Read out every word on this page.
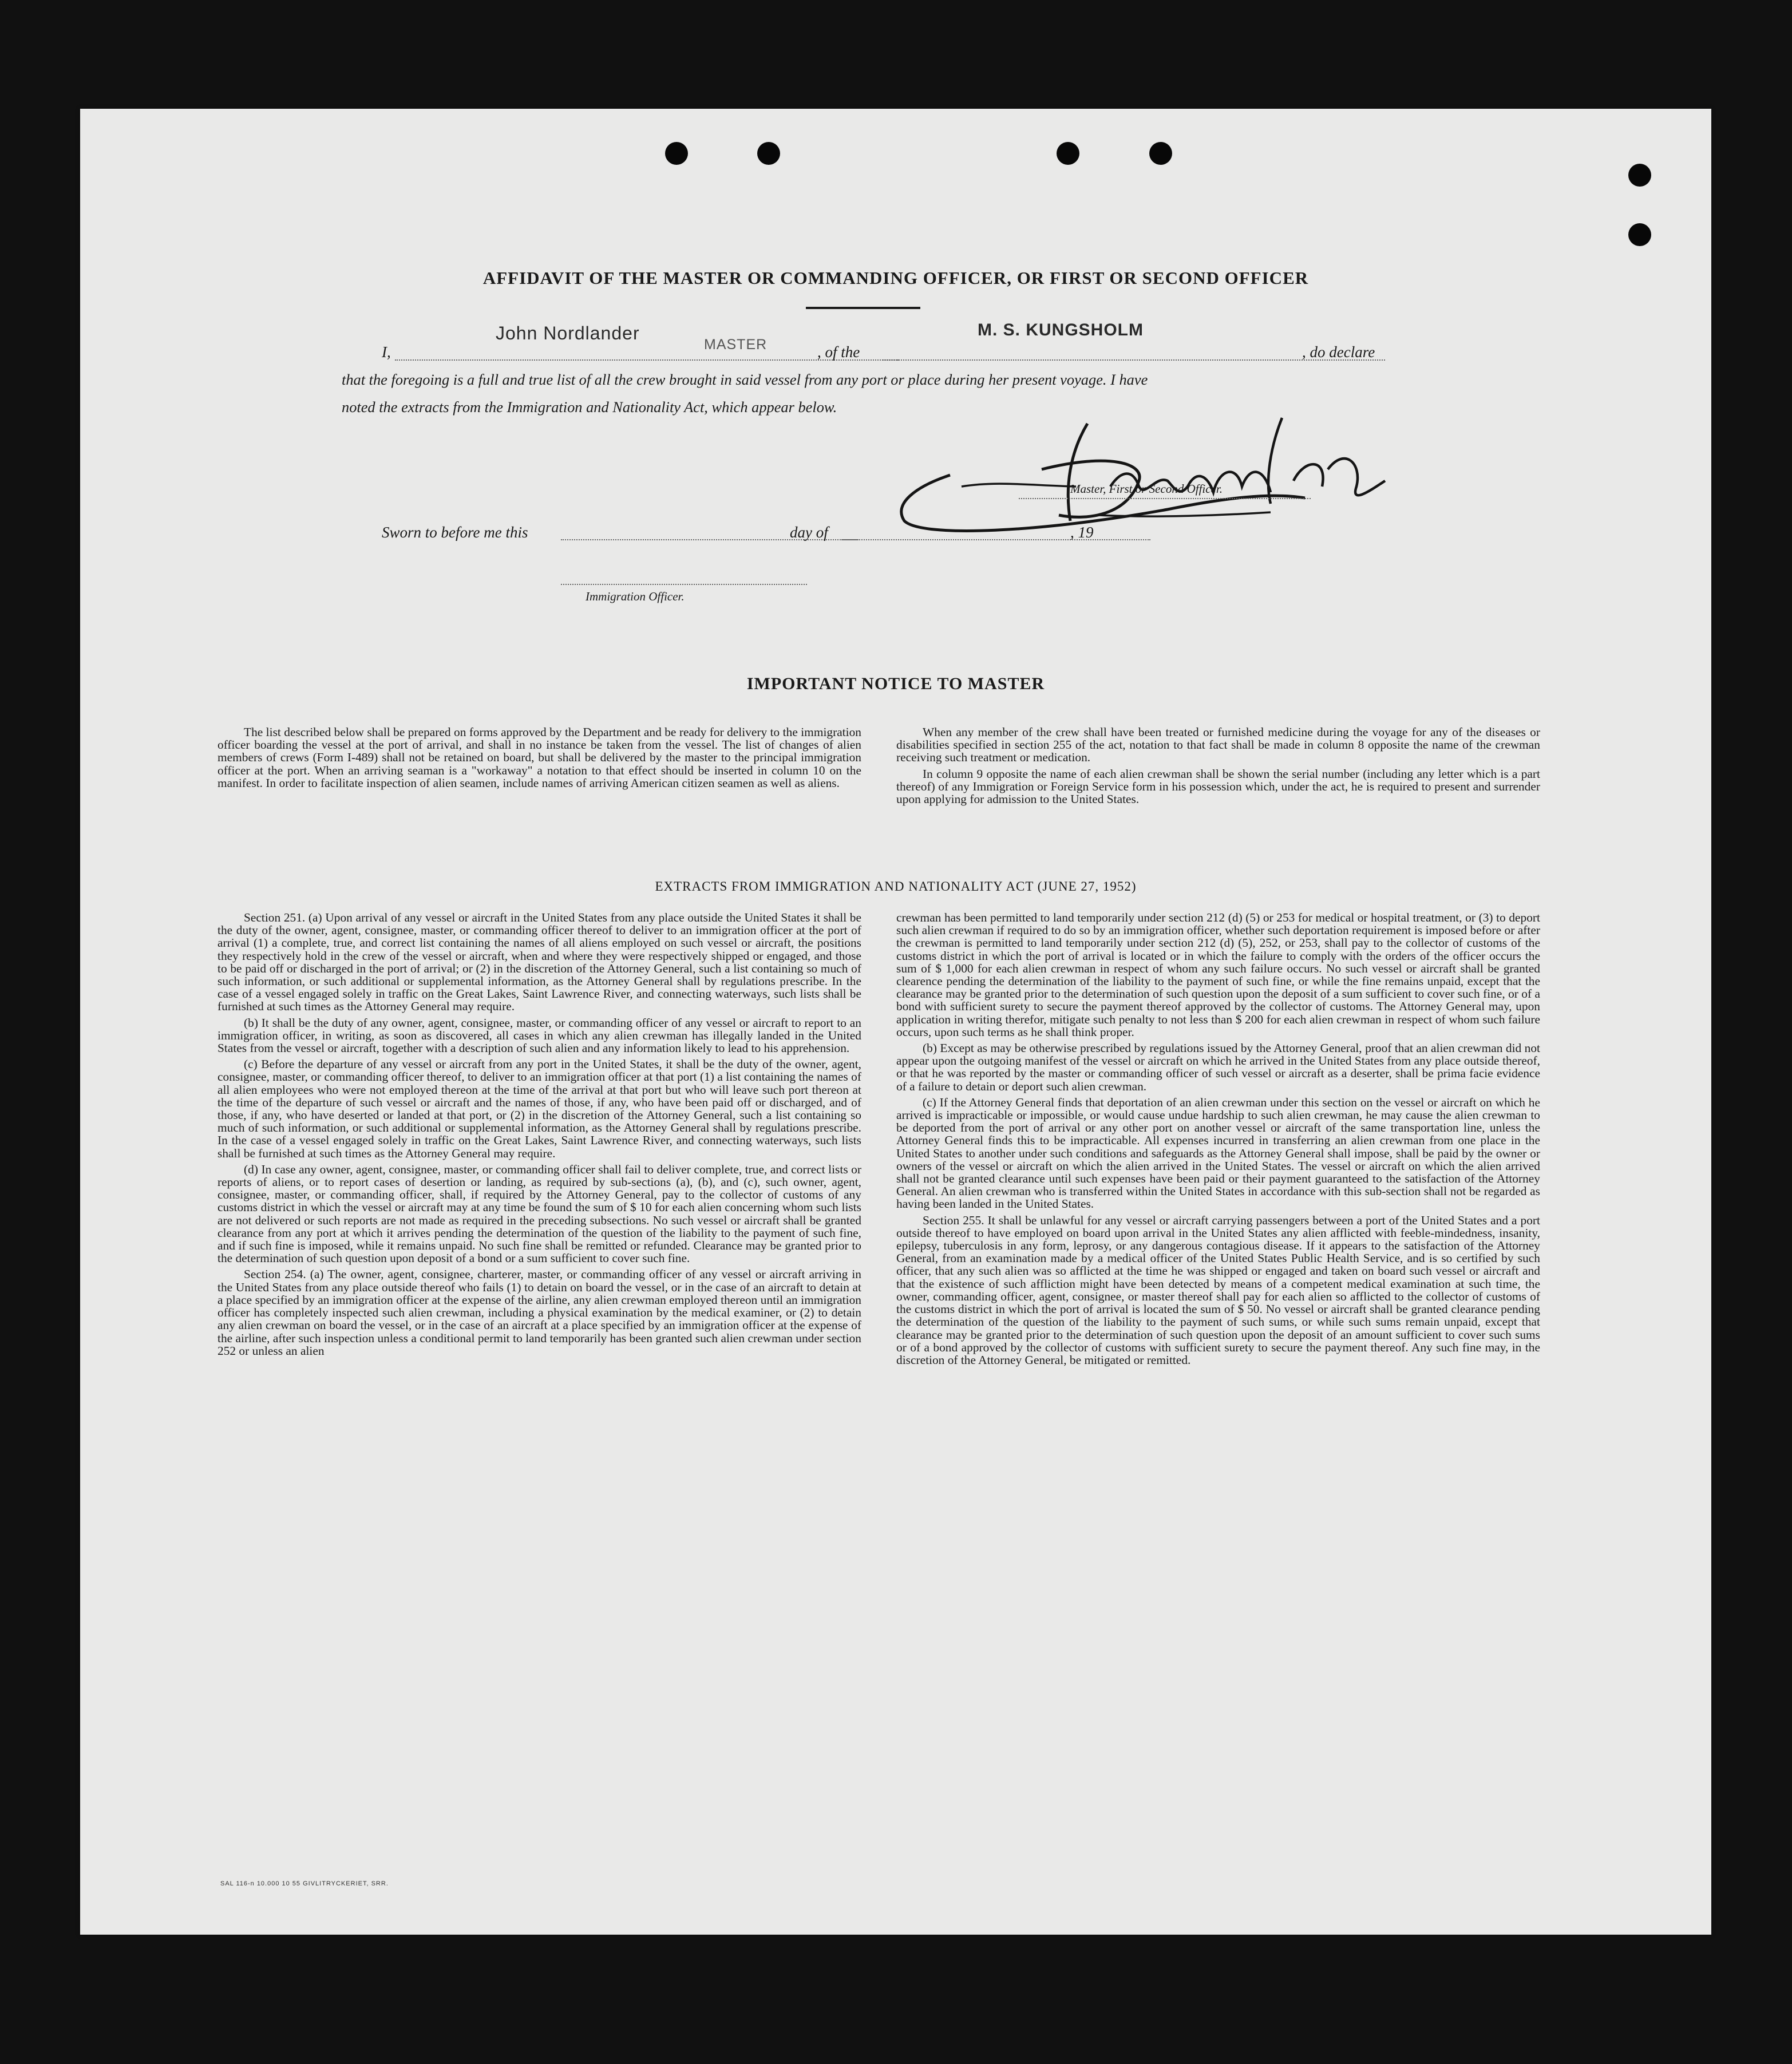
AFFIDAVIT OF THE MASTER OR COMMANDING OFFICER, OR FIRST OR SECOND OFFICER
I,
John Nordlander
MASTER	, of the
M. S. KUNGSHOLM
, do declare
that the foregoing is a full and true list of all the crew brought in said vessel from any port or place during her present voyage. I have
noted the extracts from the Immigration and Nationality Act, which appear below.
Master, First or Second Officer.
Sworn to before me this	day of	, 19
Immigration Officer.
IMPORTANT NOTICE TO MASTER

The list described below shall be prepared on forms approved by the Department and be ready for delivery to the immigration officer boarding the vessel at the port of arrival, and shall in no instance be taken from the vessel. The list of changes of alien members of crews (Form I-489) shall not be retained on board, but shall be delivered by the master to the principal immigration officer at the port. When an arriving seaman is a "workaway" a notation to that effect should be inserted in column 10 on the manifest. In order to facilitate inspection of alien seamen, include names of arriving American citizen seamen as well as aliens.

When any member of the crew shall have been treated or furnished medicine during the voyage for any of the diseases or disabilities specified in section 255 of the act, notation to that fact shall be made in column 8 opposite the name of the crewman receiving such treatment or medication.

In column 9 opposite the name of each alien crewman shall be shown the serial number (including any letter which is a part thereof) of any Immigration or Foreign Service form in his possession which, under the act, he is required to present and surrender upon applying for admission to the United States.

EXTRACTS FROM IMMIGRATION AND NATIONALITY ACT (JUNE 27, 1952)

Section 251. (a) Upon arrival of any vessel or aircraft in the United States from any place outside the United States it shall be the duty of the owner, agent, consignee, master, or commanding officer thereof to deliver to an immigration officer at the port of arrival (1) a complete, true, and correct list containing the names of all aliens employed on such vessel or aircraft, the positions they respectively hold in the crew of the vessel or aircraft, when and where they were respectively shipped or engaged, and those to be paid off or discharged in the port of arrival; or (2) in the discretion of the Attorney General, such a list containing so much of such information, or such additional or supplemental information, as the Attorney General shall by regulations prescribe. In the case of a vessel engaged solely in traffic on the Great Lakes, Saint Lawrence River, and connecting waterways, such lists shall be furnished at such times as the Attorney General may require.

(b) It shall be the duty of any owner, agent, consignee, master, or commanding officer of any vessel or aircraft to report to an immigration officer, in writing, as soon as discovered, all cases in which any alien crewman has illegally landed in the United States from the vessel or aircraft, together with a description of such alien and any information likely to lead to his apprehension.

(c) Before the departure of any vessel or aircraft from any port in the United States, it shall be the duty of the owner, agent, consignee, master, or commanding officer thereof, to deliver to an immigration officer at that port (1) a list containing the names of all alien employees who were not employed thereon at the time of the arrival at that port but who will leave such port thereon at the time of the departure of such vessel or aircraft and the names of those, if any, who have been paid off or discharged, and of those, if any, who have deserted or landed at that port, or (2) in the discretion of the Attorney General, such a list containing so much of such information, or such additional or supplemental information, as the Attorney General shall by regulations prescribe. In the case of a vessel engaged solely in traffic on the Great Lakes, Saint Lawrence River, and connecting waterways, such lists shall be furnished at such times as the Attorney General may require.

(d) In case any owner, agent, consignee, master, or commanding officer shall fail to deliver complete, true, and correct lists or reports of aliens, or to report cases of desertion or landing, as required by sub-sections (a), (b), and (c), such owner, agent, consignee, master, or commanding officer, shall, if required by the Attorney General, pay to the collector of customs of any customs district in which the vessel or aircraft may at any time be found the sum of $ 10 for each alien concerning whom such lists are not delivered or such reports are not made as required in the preceding subsections. No such vessel or aircraft shall be granted clearance from any port at which it arrives pending the determination of the question of the liability to the payment of such fine, and if such fine is imposed, while it remains unpaid. No such fine shall be remitted or refunded. Clearance may be granted prior to the determination of such question upon deposit of a bond or a sum sufficient to cover such fine.

Section 254. (a) The owner, agent, consignee, charterer, master, or commanding officer of any vessel or aircraft arriving in the United States from any place outside thereof who fails (1) to detain on board the vessel, or in the case of an aircraft to detain at a place specified by an immigration officer at the expense of the airline, any alien crewman employed thereon until an immigration officer has completely inspected such alien crewman, including a physical examination by the medical examiner, or (2) to detain any alien crewman on board the vessel, or in the case of an aircraft at a place specified by an immigration officer at the expense of the airline, after such inspection unless a conditional permit to land temporarily has been granted such alien crewman under section 252 or unless an alien

crewman has been permitted to land temporarily under section 212 (d) (5) or 253 for medical or hospital treatment, or (3) to deport such alien crewman if required to do so by an immigration officer, whether such deportation requirement is imposed before or after the crewman is permitted to land temporarily under section 212 (d) (5), 252, or 253, shall pay to the collector of customs of the customs district in which the port of arrival is located or in which the failure to comply with the orders of the officer occurs the sum of $ 1,000 for each alien crewman in respect of whom any such failure occurs. No such vessel or aircraft shall be granted clearence pending the determination of the liability to the payment of such fine, or while the fine remains unpaid, except that the clearance may be granted prior to the determination of such question upon the deposit of a sum sufficient to cover such fine, or of a bond with sufficient surety to secure the payment thereof approved by the collector of customs. The Attorney General may, upon application in writing therefor, mitigate such penalty to not less than $ 200 for each alien crewman in respect of whom such failure occurs, upon such terms as he shall think proper.

(b) Except as may be otherwise prescribed by regulations issued by the Attorney General, proof that an alien crewman did not appear upon the outgoing manifest of the vessel or aircraft on which he arrived in the United States from any place outside thereof, or that he was reported by the master or commanding officer of such vessel or aircraft as a deserter, shall be prima facie evidence of a failure to detain or deport such alien crewman.

(c) If the Attorney General finds that deportation of an alien crewman under this section on the vessel or aircraft on which he arrived is impracticable or impossible, or would cause undue hardship to such alien crewman, he may cause the alien crewman to be deported from the port of arrival or any other port on another vessel or aircraft of the same transportation line, unless the Attorney General finds this to be impracticable. All expenses incurred in transferring an alien crewman from one place in the United States to another under such conditions and safeguards as the Attorney General shall impose, shall be paid by the owner or owners of the vessel or aircraft on which the alien arrived in the United States. The vessel or aircraft on which the alien arrived shall not be granted clearance until such expenses have been paid or their payment guaranteed to the satisfaction of the Attorney General. An alien crewman who is transferred within the United States in accordance with this sub-section shall not be regarded as having been landed in the United States.

Section 255. It shall be unlawful for any vessel or aircraft carrying passengers between a port of the United States and a port outside thereof to have employed on board upon arrival in the United States any alien afflicted with feeble-mindedness, insanity, epilepsy, tuberculosis in any form, leprosy, or any dangerous contagious disease. If it appears to the satisfaction of the Attorney General, from an examination made by a medical officer of the United States Public Health Service, and is so certified by such officer, that any such alien was so afflicted at the time he was shipped or engaged and taken on board such vessel or aircraft and that the existence of such affliction might have been detected by means of a competent medical examination at such time, the owner, commanding officer, agent, consignee, or master thereof shall pay for each alien so afflicted to the collector of customs of the customs district in which the port of arrival is located the sum of $ 50. No vessel or aircraft shall be granted clearance pending the determination of the question of the liability to the payment of such sums, or while such sums remain unpaid, except that clearance may be granted prior to the determination of such question upon the deposit of an amount sufficient to cover such sums or of a bond approved by the collector of customs with sufficient surety to secure the payment thereof. Any such fine may, in the discretion of the Attorney General, be mitigated or remitted.

SAL 116-n 10.000 10 55 GIVLITRYCKERIET, SRR.
